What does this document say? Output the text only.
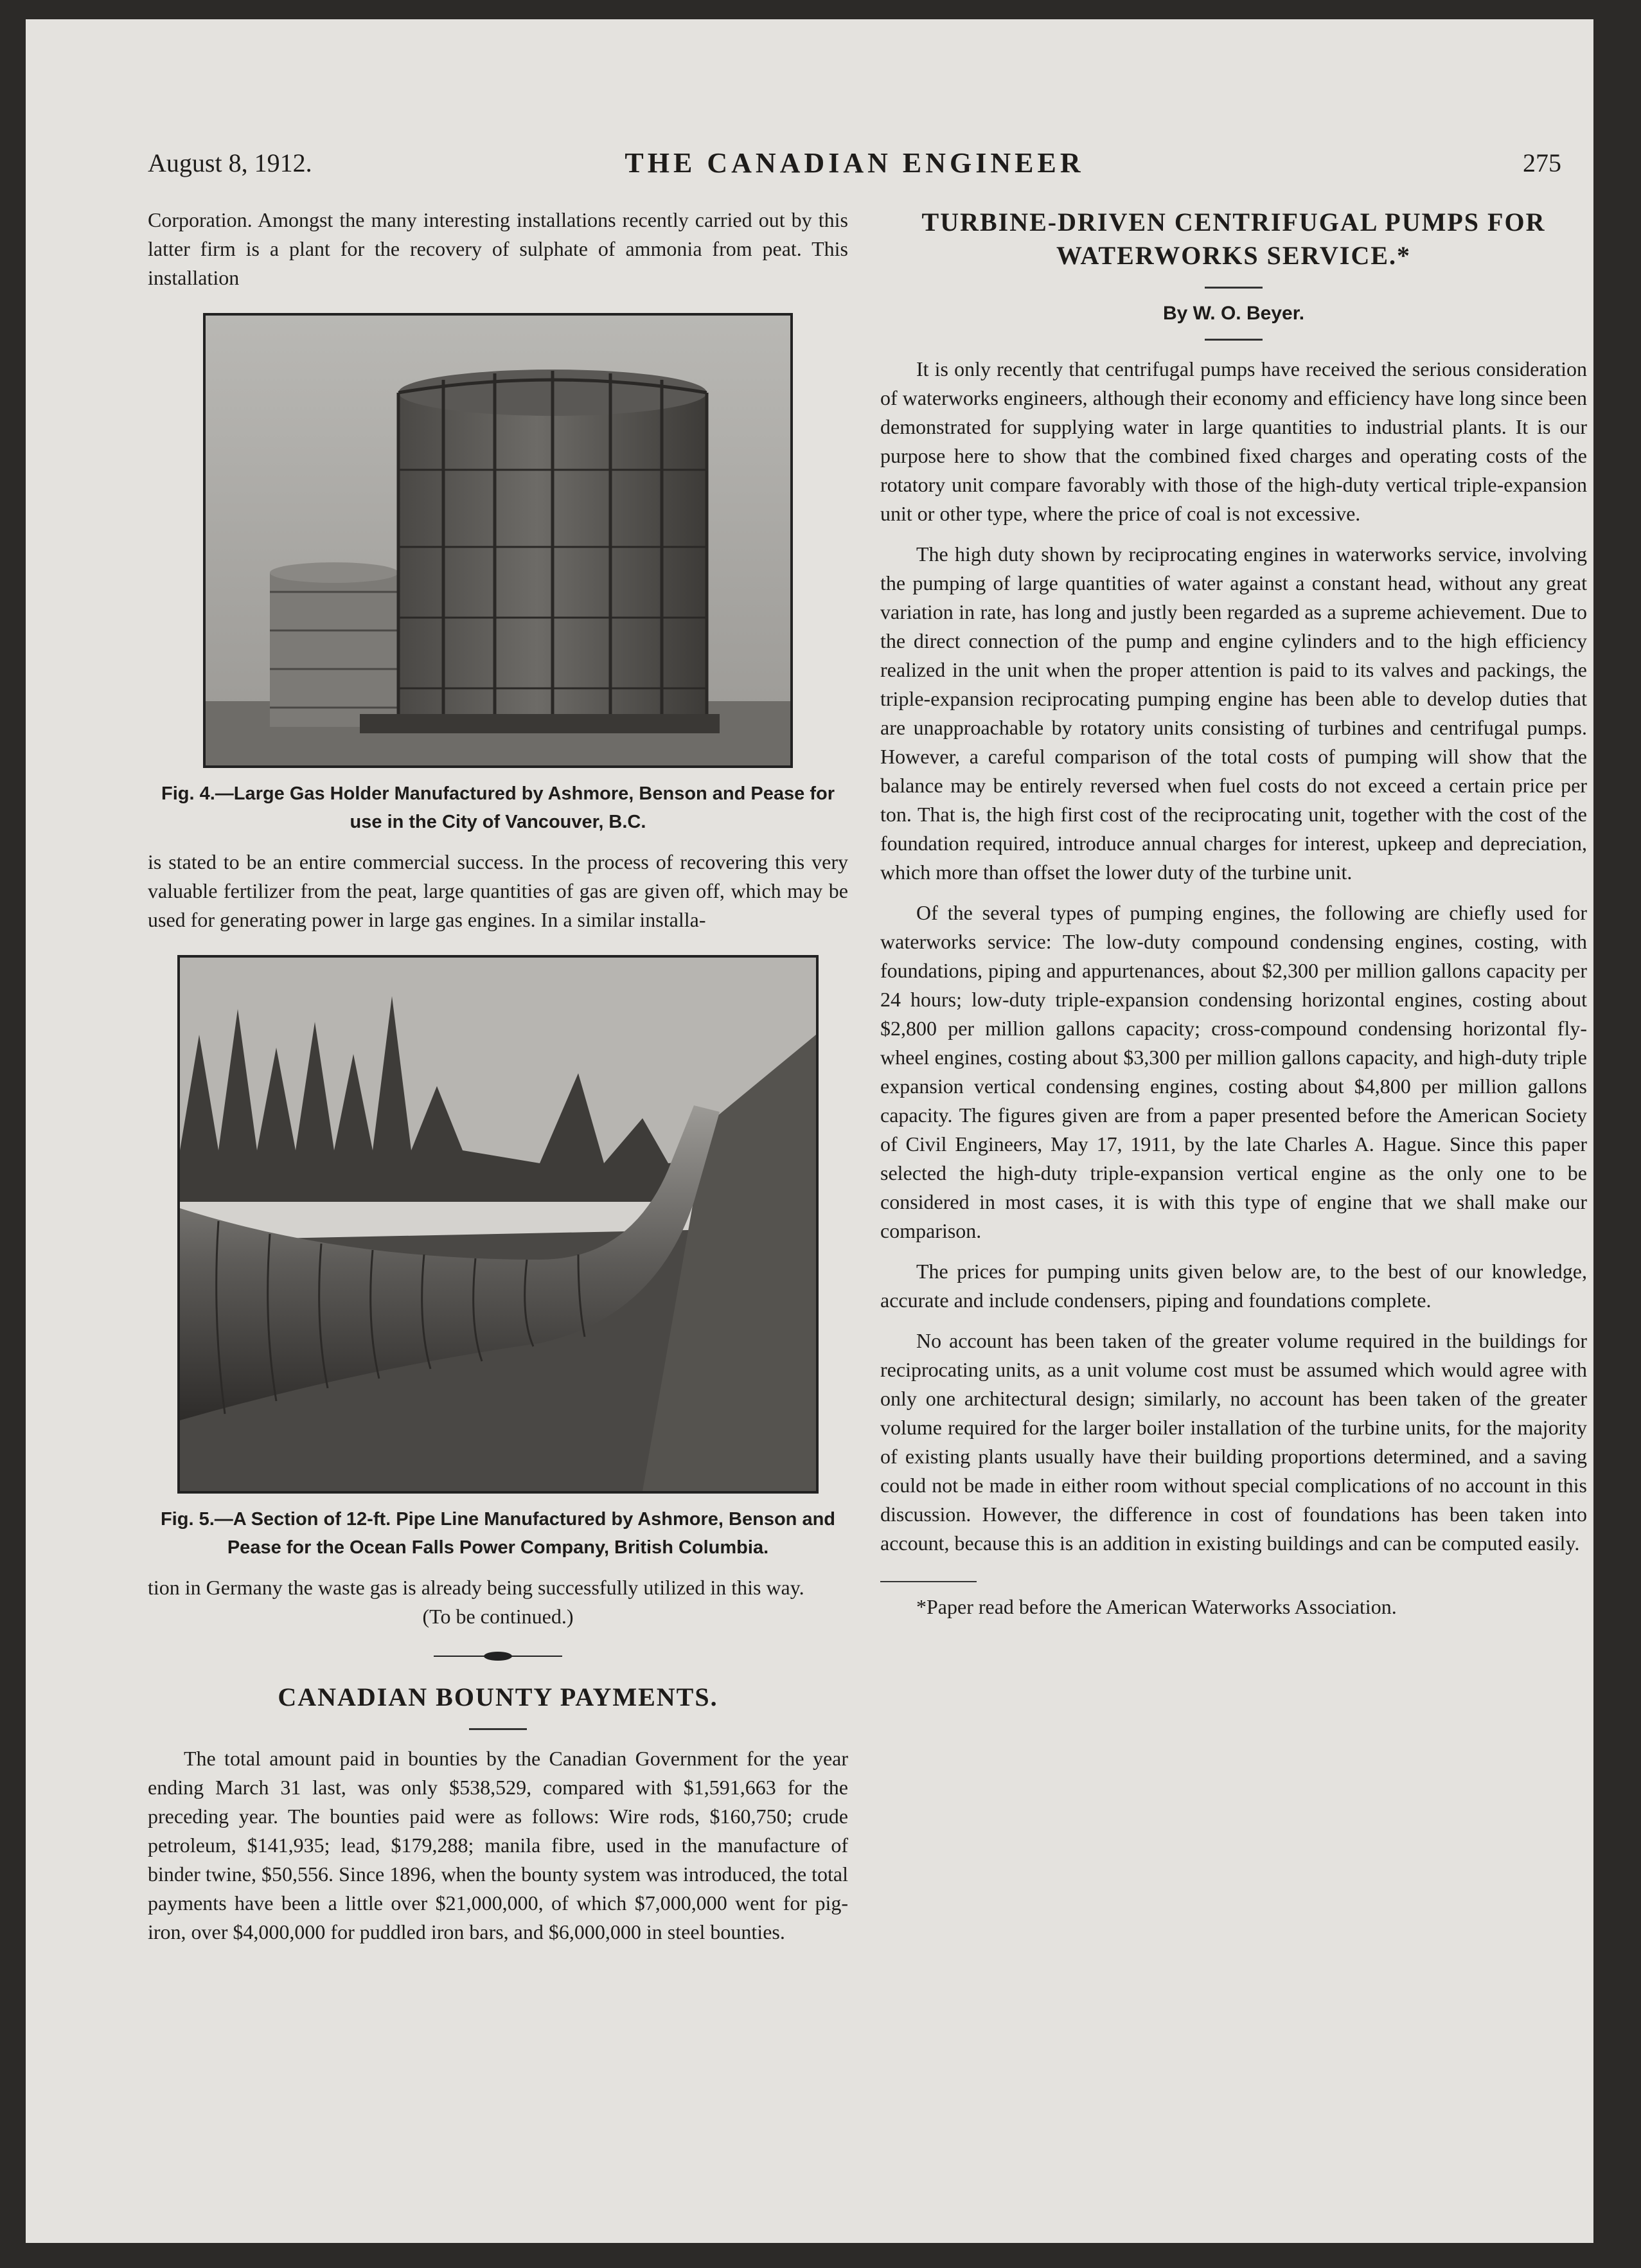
August 8, 1912.	THE CANADIAN ENGINEER	275

Corporation. Amongst the many interesting installations recently carried out by this latter firm is a plant for the recovery of sulphate of ammonia from peat. This installation

Fig. 4.—Large Gas Holder Manufactured by Ashmore, Benson and Pease for use in the City of Vancouver, B.C.

is stated to be an entire commercial success. In the process of recovering this very valuable fertilizer from the peat, large quantities of gas are given off, which may be used for generating power in large gas engines. In a similar installa-

Fig. 5.—A Section of 12-ft. Pipe Line Manufactured by Ashmore, Benson and Pease for the Ocean Falls Power Company, British Columbia.

tion in Germany the waste gas is already being successfully utilized in this way.

(To be continued.)
CANADIAN BOUNTY PAYMENTS.

The total amount paid in bounties by the Canadian Government for the year ending March 31 last, was only $538,529, compared with $1,591,663 for the preceding year. The bounties paid were as follows: Wire rods, $160,750; crude petroleum, $141,935; lead, $179,288; manila fibre, used in the manufacture of binder twine, $50,556. Since 1896, when the bounty system was introduced, the total payments have been a little over $21,000,000, of which $7,000,000 went for pig-iron, over $4,000,000 for puddled iron bars, and $6,000,000 in steel bounties.

TURBINE-DRIVEN CENTRIFUGAL PUMPS FOR WATERWORKS SERVICE.*
By W. O. Beyer.

It is only recently that centrifugal pumps have received the serious consideration of waterworks engineers, although their economy and efficiency have long since been demonstrated for supplying water in large quantities to industrial plants. It is our purpose here to show that the combined fixed charges and operating costs of the rotatory unit compare favorably with those of the high-duty vertical triple-expansion unit or other type, where the price of coal is not excessive.

The high duty shown by reciprocating engines in waterworks service, involving the pumping of large quantities of water against a constant head, without any great variation in rate, has long and justly been regarded as a supreme achievement. Due to the direct connection of the pump and engine cylinders and to the high efficiency realized in the unit when the proper attention is paid to its valves and packings, the triple-expansion reciprocating pumping engine has been able to develop duties that are unapproachable by rotatory units consisting of turbines and centrifugal pumps. However, a careful comparison of the total costs of pumping will show that the balance may be entirely reversed when fuel costs do not exceed a certain price per ton. That is, the high first cost of the reciprocating unit, together with the cost of the foundation required, introduce annual charges for interest, upkeep and depreciation, which more than offset the lower duty of the turbine unit.

Of the several types of pumping engines, the following are chiefly used for waterworks service: The low-duty compound condensing engines, costing, with foundations, piping and appurtenances, about $2,300 per million gallons capacity per 24 hours; low-duty triple-expansion condensing horizontal engines, costing about $2,800 per million gallons capacity; cross-compound condensing horizontal fly-wheel engines, costing about $3,300 per million gallons capacity, and high-duty triple expansion vertical condensing engines, costing about $4,800 per million gallons capacity. The figures given are from a paper presented before the American Society of Civil Engineers, May 17, 1911, by the late Charles A. Hague. Since this paper selected the high-duty triple-expansion vertical engine as the only one to be considered in most cases, it is with this type of engine that we shall make our comparison.

The prices for pumping units given below are, to the best of our knowledge, accurate and include condensers, piping and foundations complete.

No account has been taken of the greater volume required in the buildings for reciprocating units, as a unit volume cost must be assumed which would agree with only one architectural design; similarly, no account has been taken of the greater volume required for the larger boiler installation of the turbine units, for the majority of existing plants usually have their building proportions determined, and a saving could not be made in either room without special complications of no account in this discussion. However, the difference in cost of foundations has been taken into account, because this is an addition in existing buildings and can be computed easily.

*Paper read before the American Waterworks Association.
